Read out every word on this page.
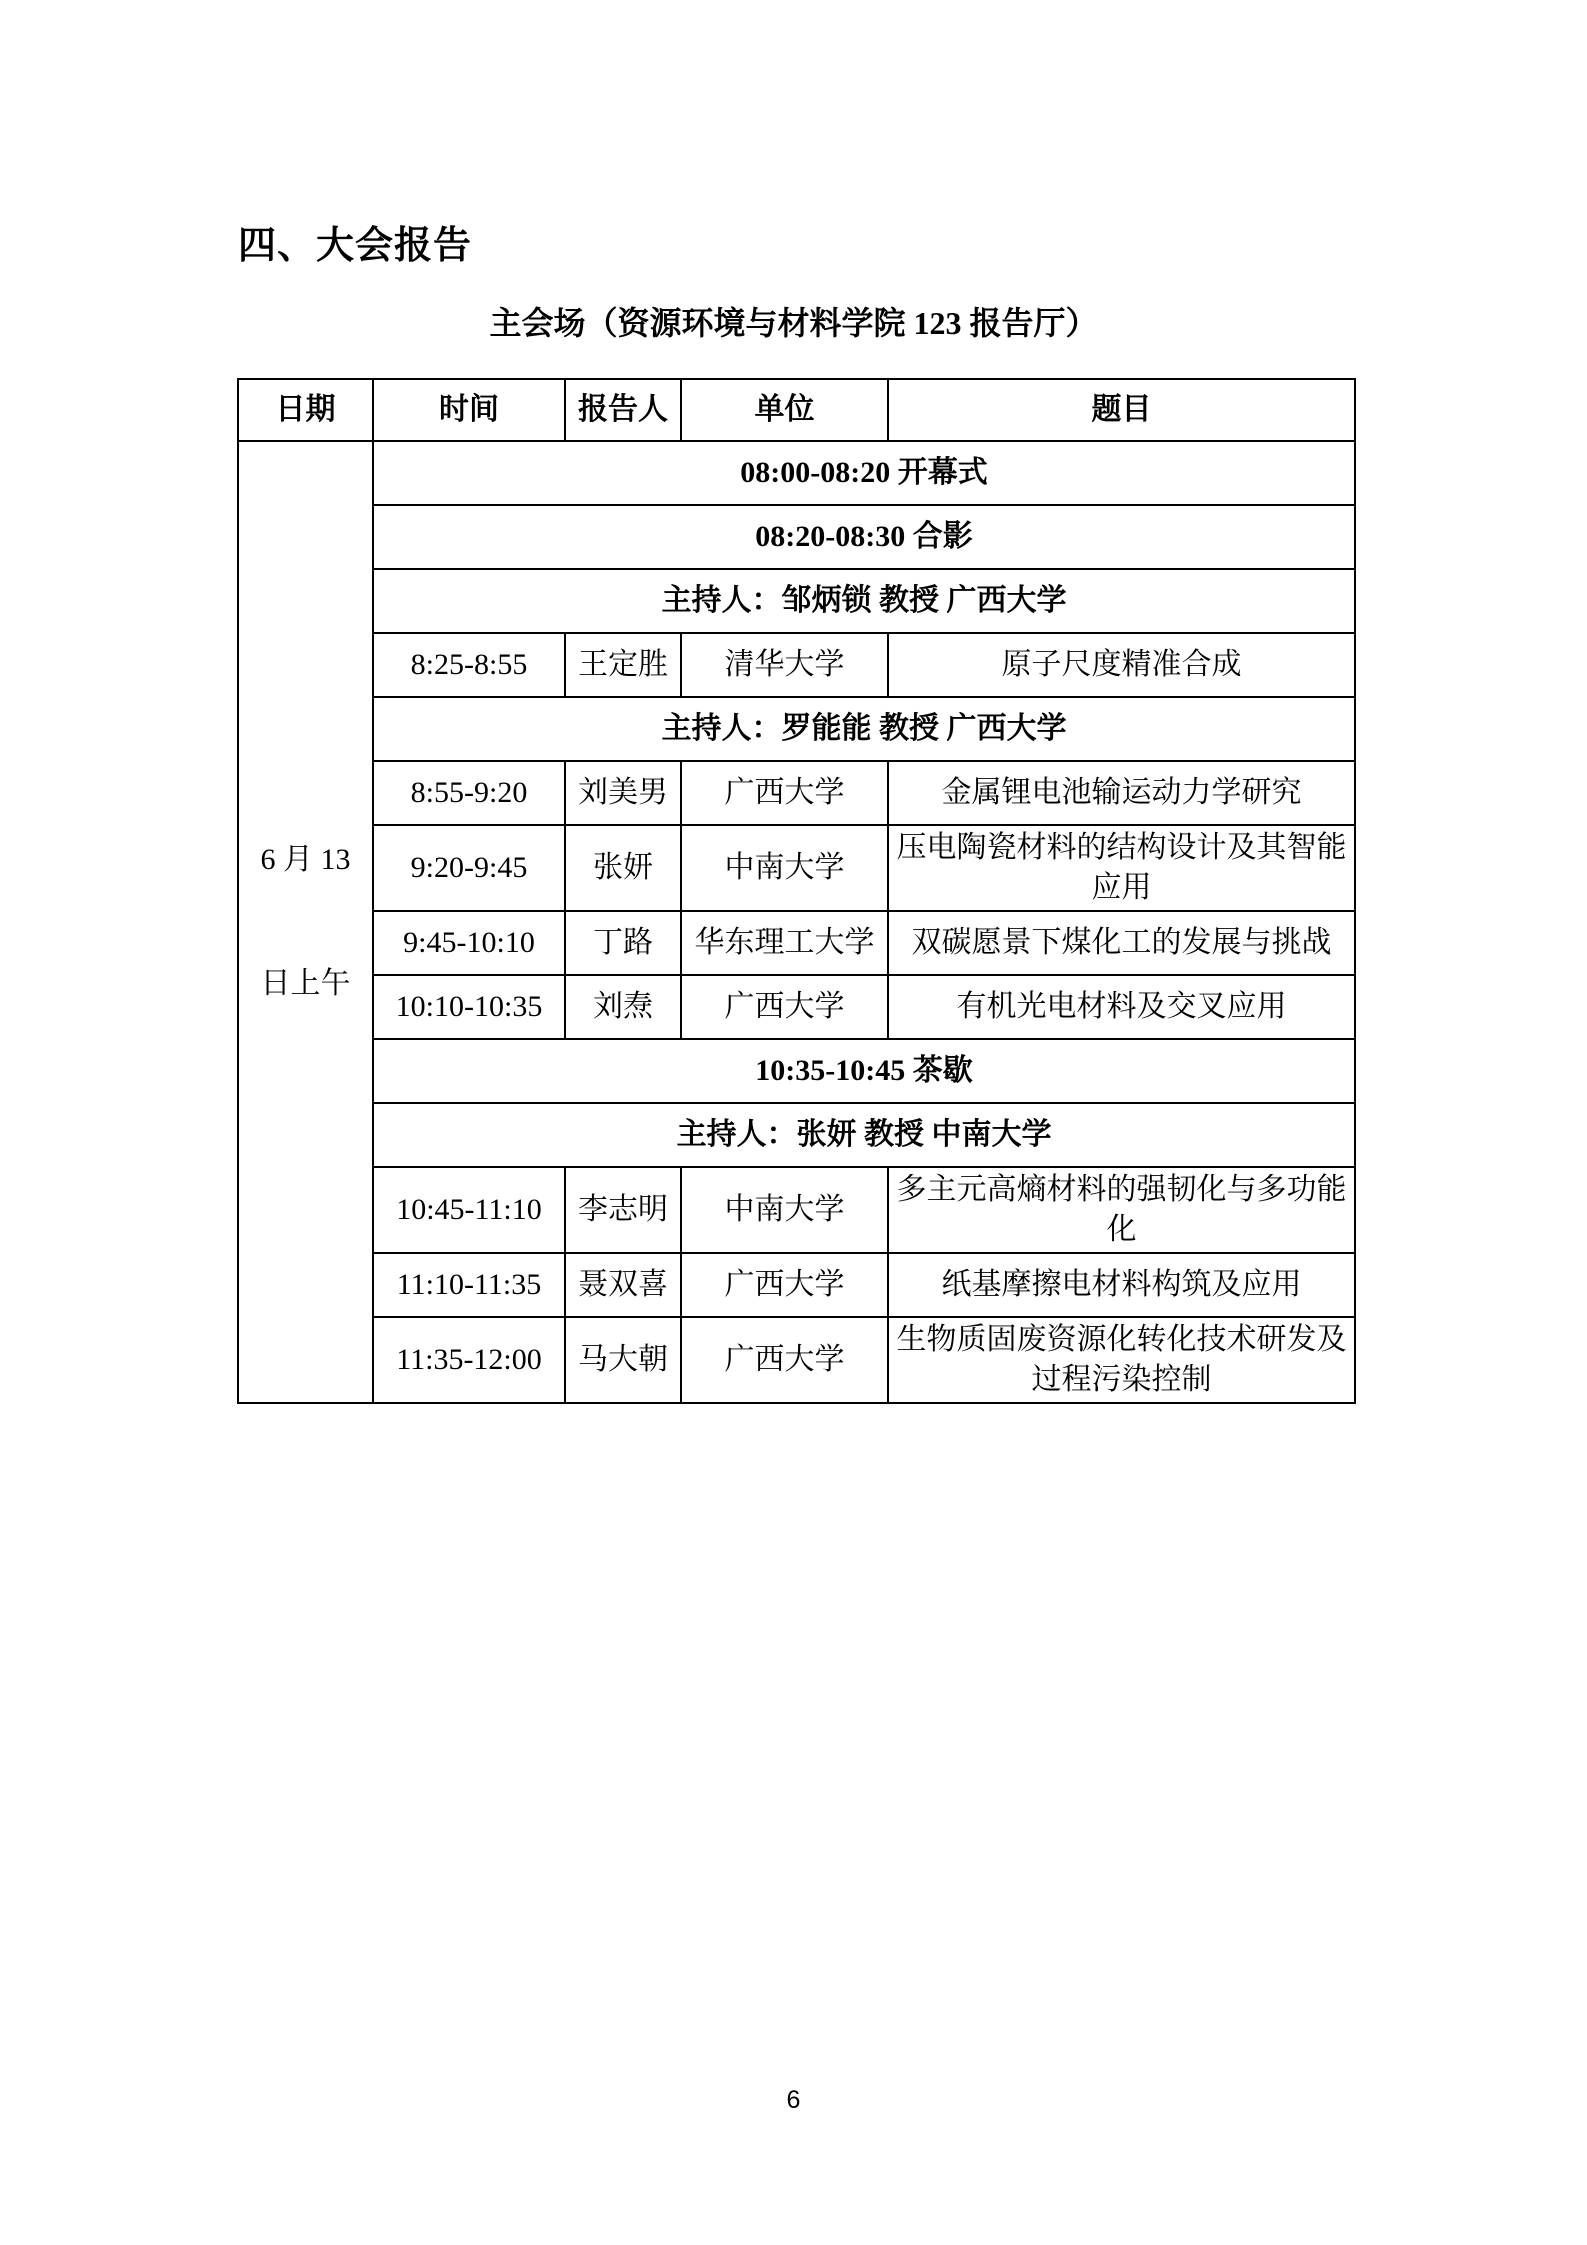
四、大会报告
主会场（资源环境与材料学院 123 报告厅）
日期	时间	报告人	单位	题目

6 月 13
日上午	08:00-08:20 开幕式			
	08:20-08:30 合影			
	主持人：邹炳锁 教授 广西大学			
	8:25-8:55	王定胜	清华大学	原子尺度精准合成
	主持人：罗能能 教授 广西大学			
	8:55-9:20	刘美男	广西大学	金属锂电池输运动力学研究
	9:20-9:45	张妍	中南大学	压电陶瓷材料的结构设计及其智能应用
	9:45-10:10	丁路	华东理工大学	双碳愿景下煤化工的发展与挑战
	10:10-10:35	刘焘	广西大学	有机光电材料及交叉应用
	10:35-10:45 茶歇			
	主持人：张妍 教授 中南大学			
	10:45-11:10	李志明	中南大学	多主元高熵材料的强韧化与多功能化
	11:10-11:35	聂双喜	广西大学	纸基摩擦电材料构筑及应用
	11:35-12:00	马大朝	广西大学	生物质固废资源化转化技术研发及过程污染控制
6
